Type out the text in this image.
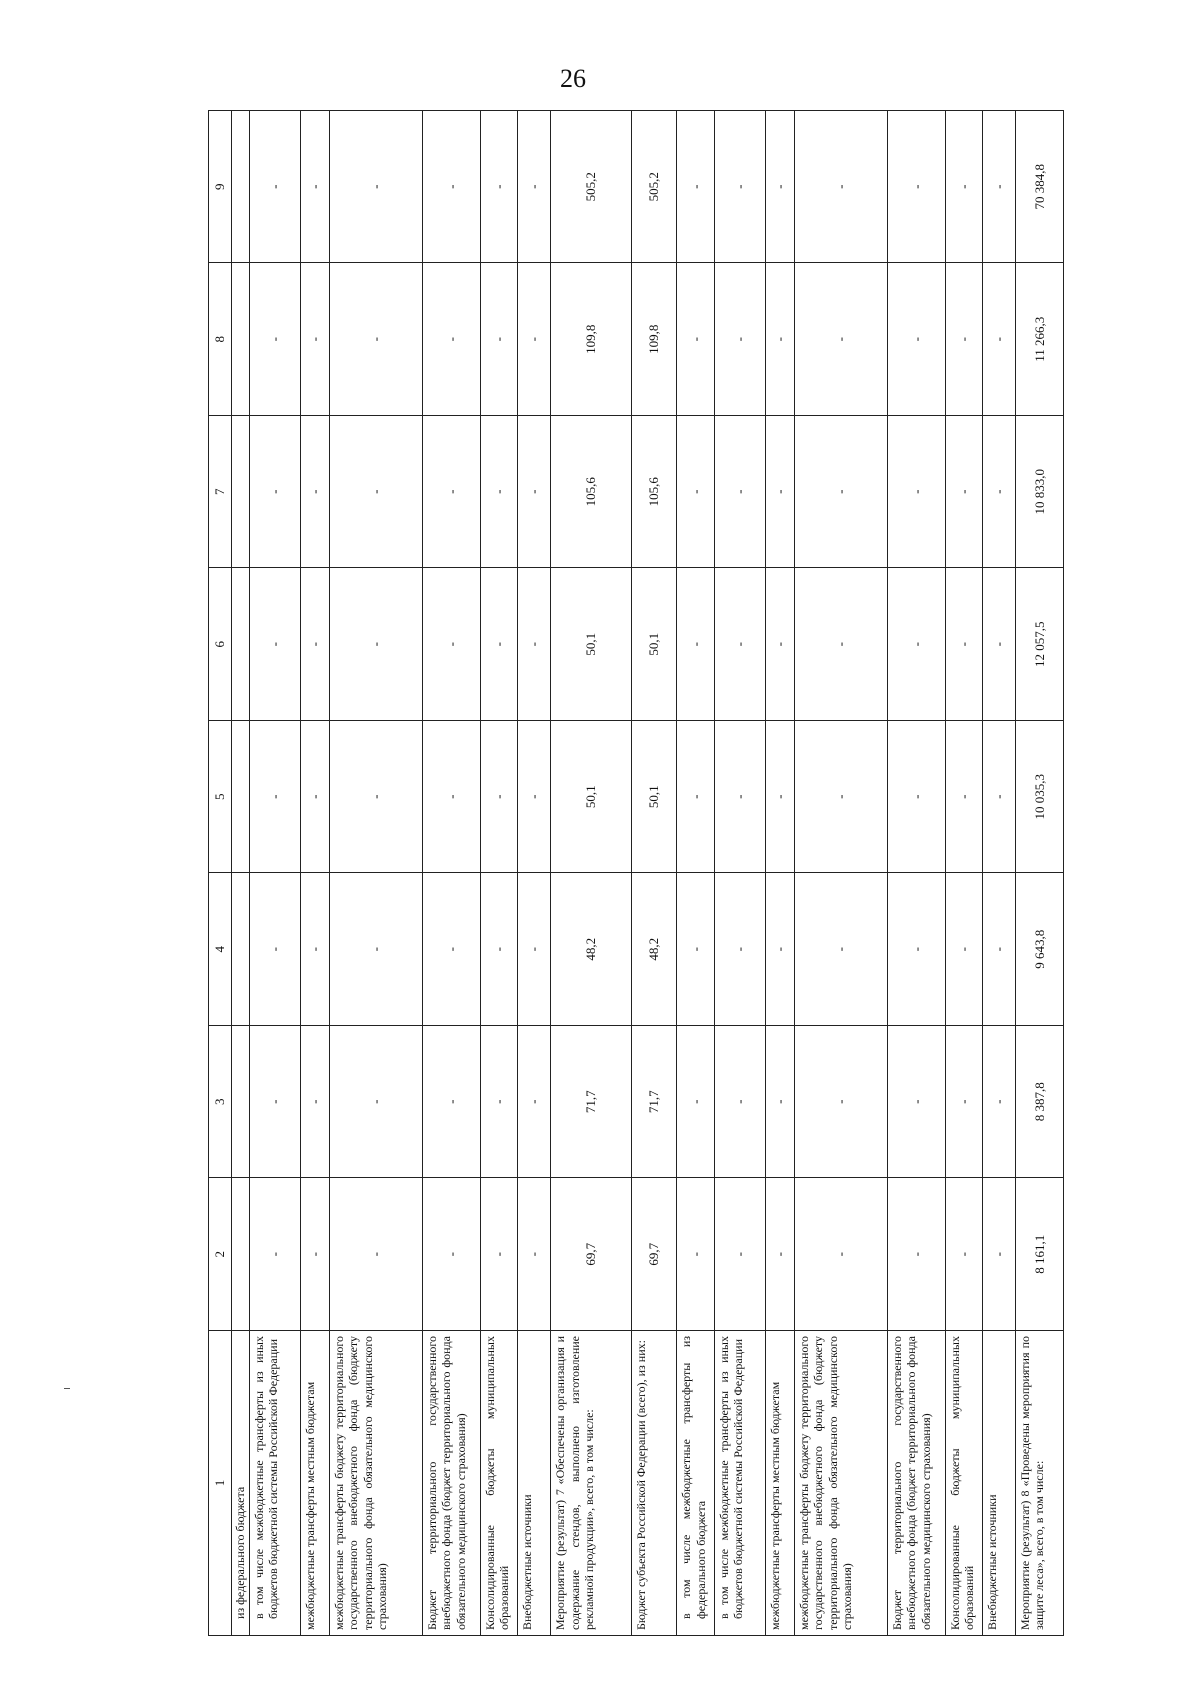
26
1	2	3	4	5	6	7	8	9
из федерального бюджета								
в том числе межбюджетные трансферты из иных бюджетов бюджетной системы Российской Федерации	-	-	-	-	-	-	-	-
межбюджетные трансферты местным бюджетам	-	-	-	-	-	-	-	-
межбюджетные трансферты бюджету территориального государственного внебюджетного фонда (бюджету территориального фонда обязательного медицинского страхования)	-	-	-	-	-	-	-	-
Бюджет территориального государственного внебюджетного фонда (бюджет территориального фонда обязательного медицинского страхования)	-	-	-	-	-	-	-	-
Консолидированные бюджеты муниципальных образований	-	-	-	-	-	-	-	-
Внебюджетные источники	-	-	-	-	-	-	-	-
Мероприятие (результат) 7 «Обеспечены организация и содержание стендов, выполнено изготовление рекламной продукции», всего, в том числе:	69,7	71,7	48,2	50,1	50,1	105,6	109,8	505,2
Бюджет субъекта Российской Федерации (всего), из них:	69,7	71,7	48,2	50,1	50,1	105,6	109,8	505,2
в том числе межбюджетные трансферты из федерального бюджета	-	-	-	-	-	-	-	-
в том числе межбюджетные трансферты из иных бюджетов бюджетной системы Российской Федерации	-	-	-	-	-	-	-	-
межбюджетные трансферты местным бюджетам	-	-	-	-	-	-	-	-
межбюджетные трансферты бюджету территориального государственного внебюджетного фонда (бюджету территориального фонда обязательного медицинского страхования)	-	-	-	-	-	-	-	-
Бюджет территориального государственного внебюджетного фонда (бюджет территориального фонда обязательного медицинского страхования)	-	-	-	-	-	-	-	-
Консолидированные бюджеты муниципальных образований	-	-	-	-	-	-	-	-
Внебюджетные источники	-	-	-	-	-	-	-	-
Мероприятие (результат) 8 «Проведены мероприятия по защите леса», всего, в том числе:	8 161,1	8 387,8	9 643,8	10 035,3	12 057,5	10 833,0	11 266,3	70 384,8
